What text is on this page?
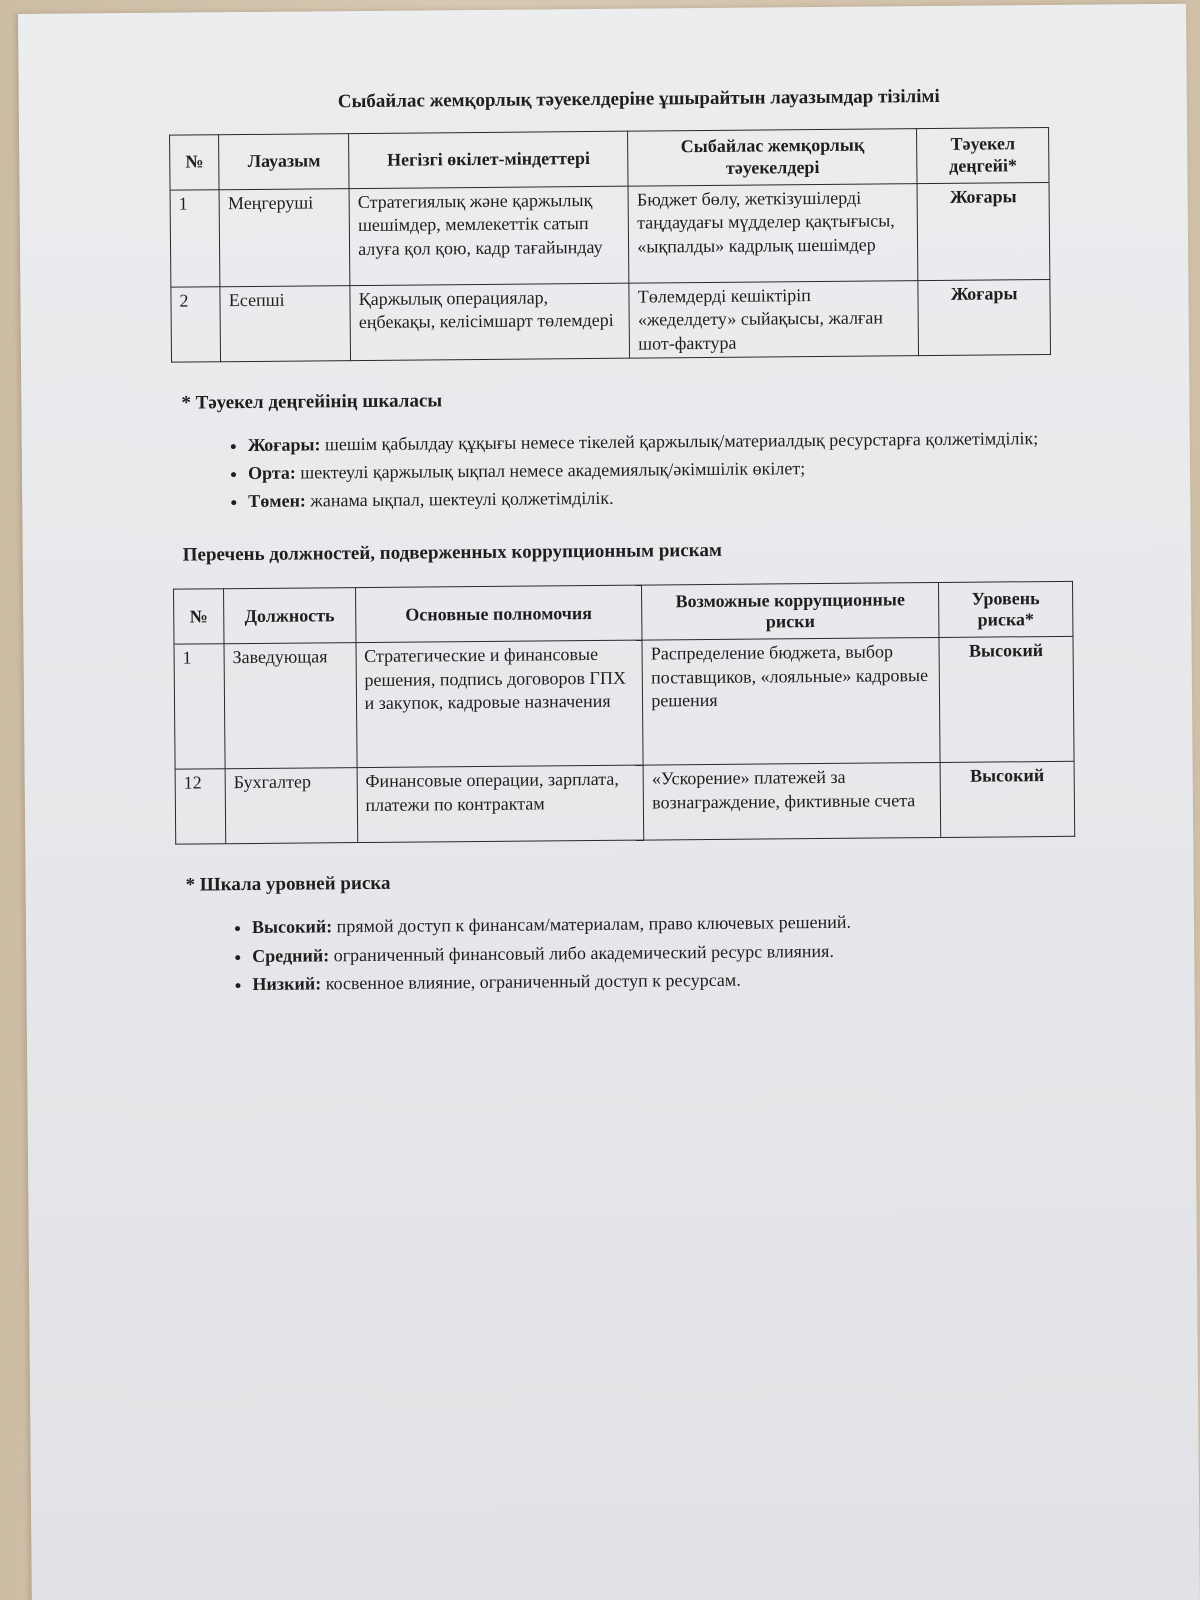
Сыбайлас жемқорлық тәуекелдеріне ұшырайтын лауазымдар тізілімі
№	Лауазым	Негізгі өкілет-міндеттері	Сыбайлас жемқорлық тәуекелдері	Тәуекел деңгейі*
1	Меңгеруші	Стратегиялық және қаржылық шешімдер, мемлекеттік сатып алуға қол қою, кадр тағайындау	Бюджет бөлу, жеткізушілерді таңдаудағы мүдделер қақтығысы, «ықпалды» кадрлық шешімдер	Жоғары
2	Есепші	Қаржылық операциялар, еңбекақы, келісімшарт төлемдері	Төлемдерді кешіктіріп «жеделдету» сыйақысы, жалған шот-фактура	Жоғары
* Тәуекел деңгейінің шкаласы
• Жоғары: шешім қабылдау құқығы немесе тікелей қаржылық/материалдық ресурстарға қолжетімділік;
• Орта: шектеулі қаржылық ықпал немесе академиялық/әкімшілік өкілет;
• Төмен: жанама ықпал, шектеулі қолжетімділік.
Перечень должностей, подверженных коррупционным рискам
№	Должность	Основные полномочия	Возможные коррупционные риски	Уровень риска*
1	Заведующая	Стратегические и финансовые решения, подпись договоров ГПХ и закупок, кадровые назначения	Распределение бюджета, выбор поставщиков, «лояльные» кадровые решения	Высокий
12	Бухгалтер	Финансовые операции, зарплата, платежи по контрактам	«Ускорение» платежей за вознаграждение, фиктивные счета	Высокий
* Шкала уровней риска
• Высокий: прямой доступ к финансам/материалам, право ключевых решений.
• Средний: ограниченный финансовый либо академический ресурс влияния.
• Низкий: косвенное влияние, ограниченный доступ к ресурсам.
